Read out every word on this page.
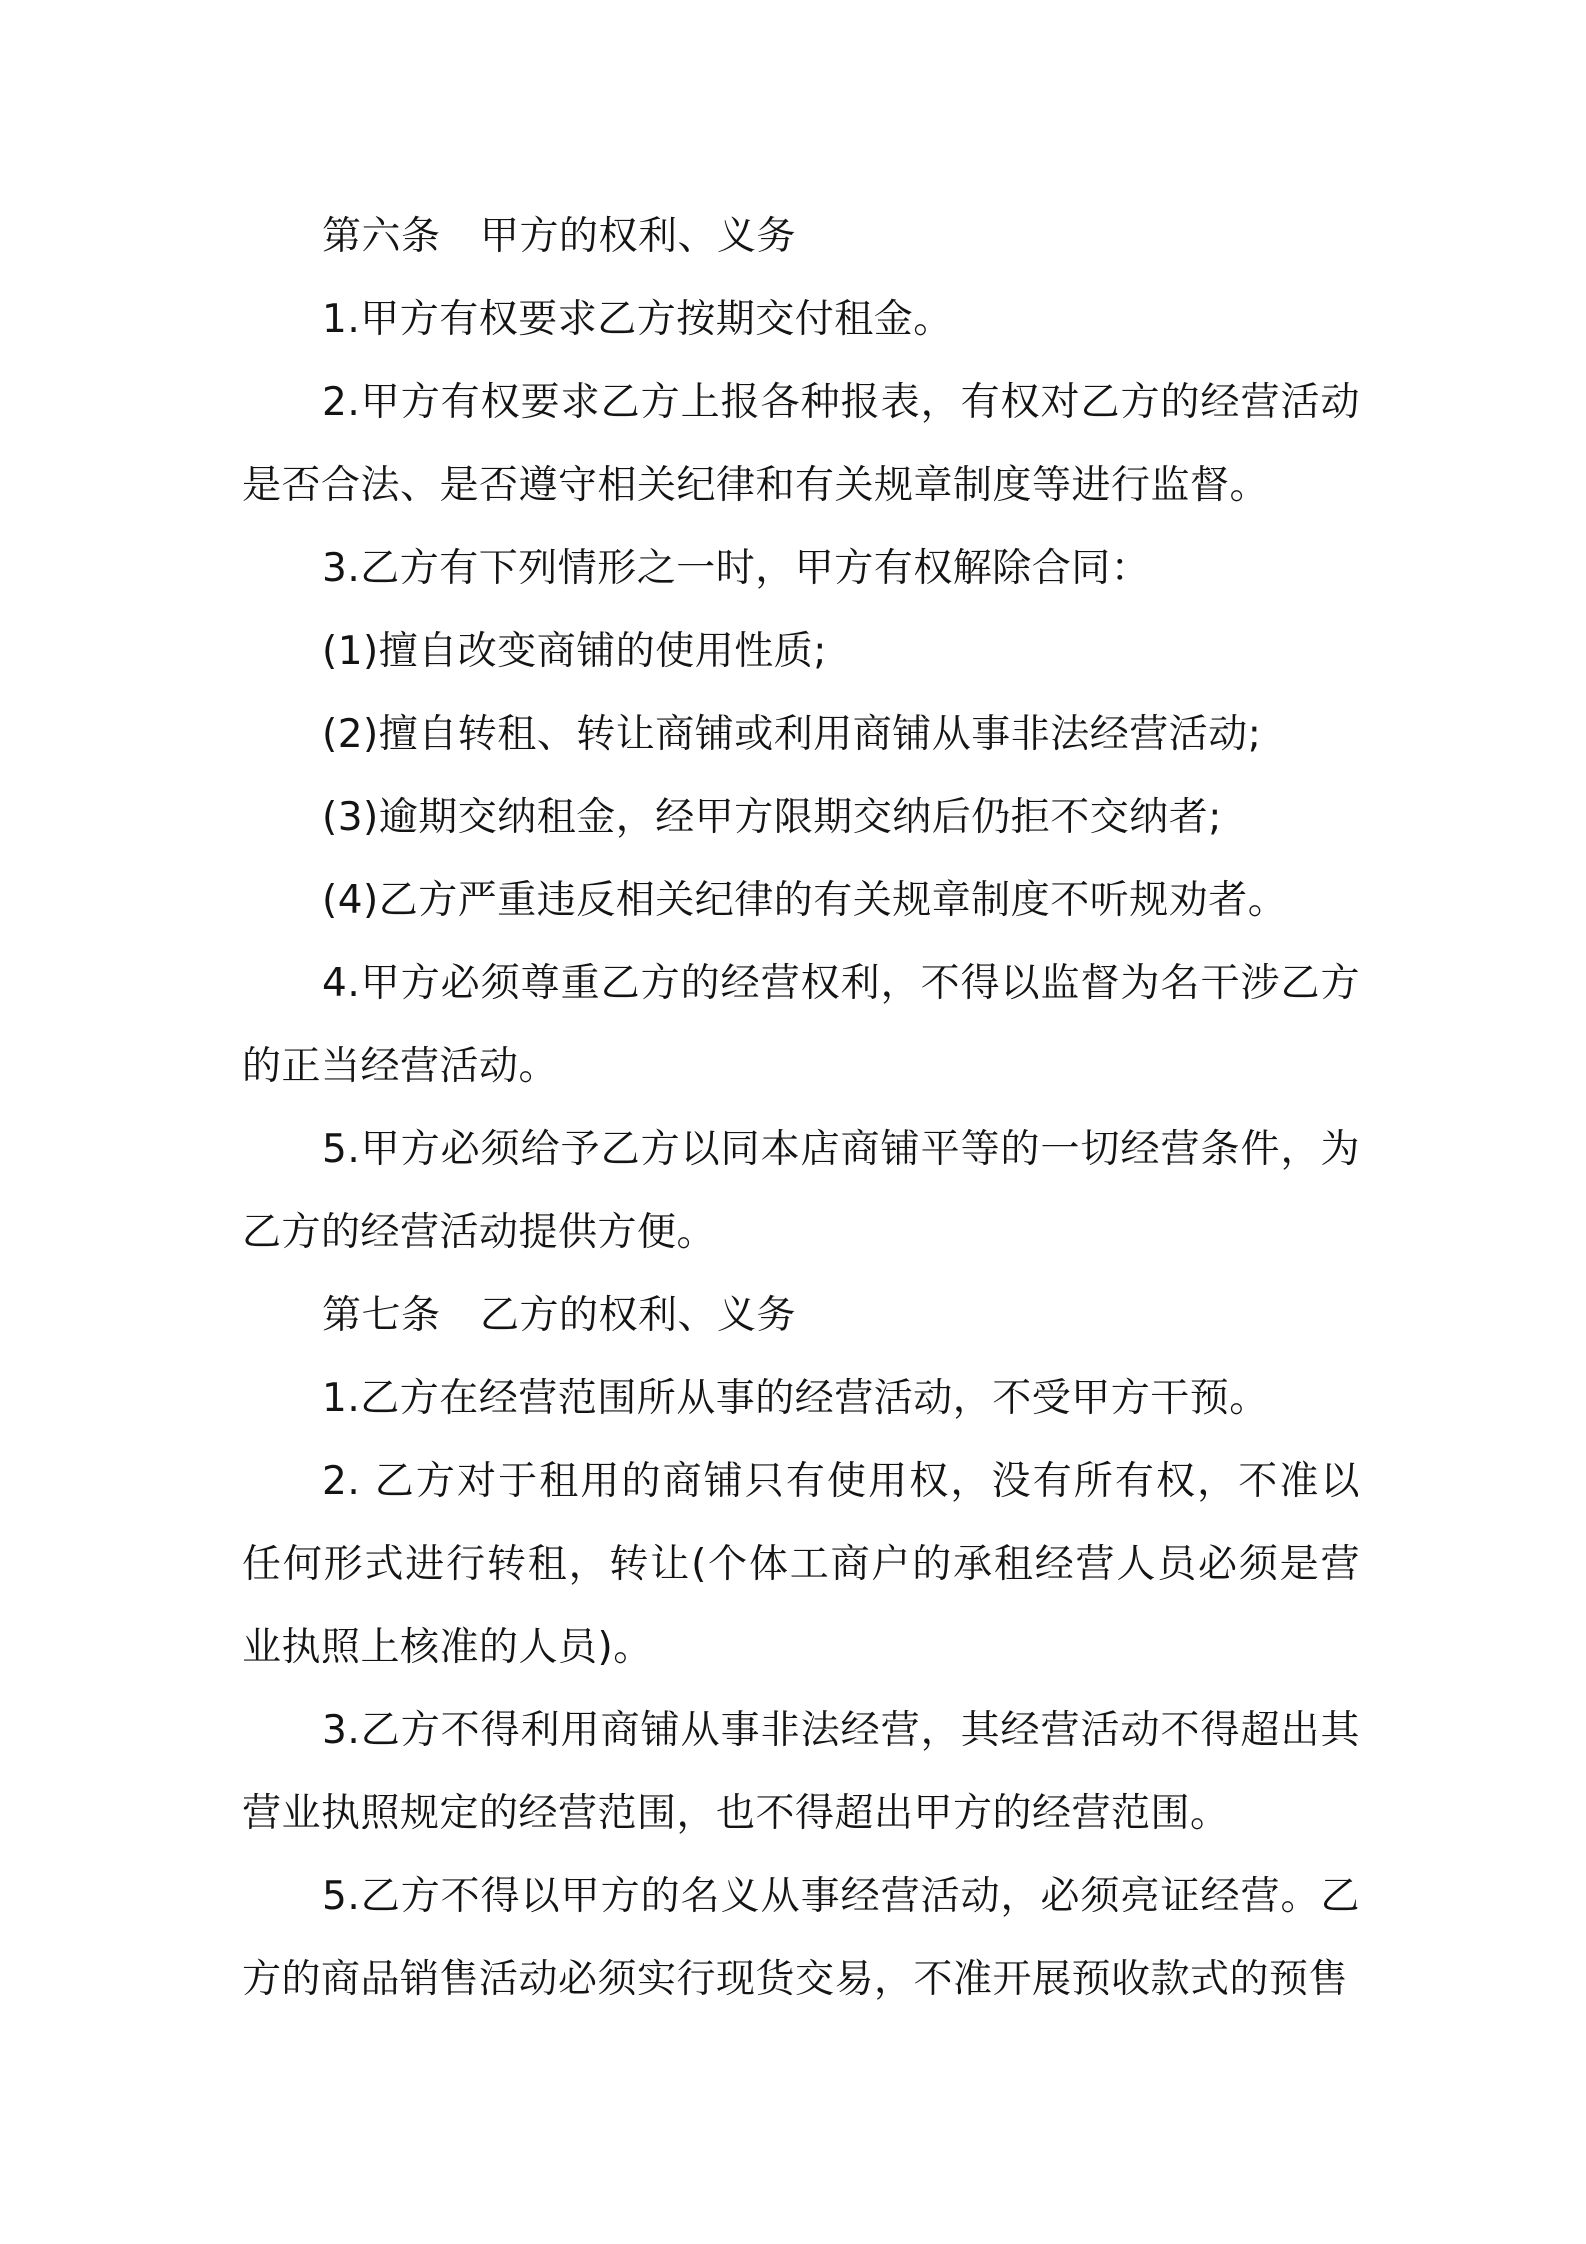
第六条　甲方的权利、义务

1.甲方有权要求乙方按期交付租金。

2.甲方有权要求乙方上报各种报表，有权对乙方的经营活动是否合法、是否遵守相关纪律和有关规章制度等进行监督。

3.乙方有下列情形之一时，甲方有权解除合同：

(1)擅自改变商铺的使用性质;

(2)擅自转租、转让商铺或利用商铺从事非法经营活动;

(3)逾期交纳租金，经甲方限期交纳后仍拒不交纳者;

(4)乙方严重违反相关纪律的有关规章制度不听规劝者。

4.甲方必须尊重乙方的经营权利，不得以监督为名干涉乙方的正当经营活动。

5.甲方必须给予乙方以同本店商铺平等的一切经营条件，为乙方的经营活动提供方便。

第七条　乙方的权利、义务

1.乙方在经营范围所从事的经营活动，不受甲方干预。

2. 乙方对于租用的商铺只有使用权，没有所有权，不准以任何形式进行转租，转让(个体工商户的承租经营人员必须是营业执照上核准的人员)。

3.乙方不得利用商铺从事非法经营，其经营活动不得超出其营业执照规定的经营范围，也不得超出甲方的经营范围。

5.乙方不得以甲方的名义从事经营活动，必须亮证经营。乙方的商品销售活动必须实行现货交易，不准开展预收款式的预售
